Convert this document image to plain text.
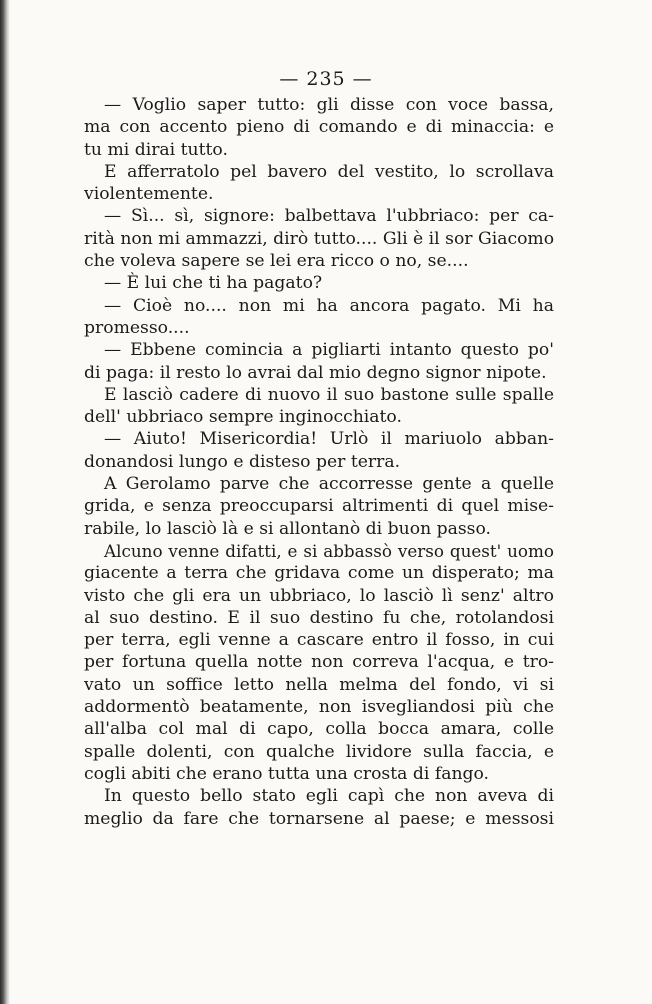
— 235 —
— Voglio saper tutto: gli disse con voce bassa,
ma con accento pieno di comando e di minaccia: e
tu mi dirai tutto.
E afferratolo pel bavero del vestito, lo scrollava
violentemente.
— Sì... sì, signore: balbettava l'ubbriaco: per ca-
rità non mi ammazzi, dirò tutto.... Gli è il sor Giacomo
che voleva sapere se lei era ricco o no, se....
— È lui che ti ha pagato?
— Cioè no.... non mi ha ancora pagato. Mi ha
promesso....
— Ebbene comincia a pigliarti intanto questo po'
di paga: il resto lo avrai dal mio degno signor nipote.
E lasciò cadere di nuovo il suo bastone sulle spalle
dell' ubbriaco sempre inginocchiato.
— Aiuto! Misericordia! Urlò il mariuolo abban-
donandosi lungo e disteso per terra.
A Gerolamo parve che accorresse gente a quelle
grida, e senza preoccuparsi altrimenti di quel mise-
rabile, lo lasciò là e si allontanò di buon passo.
Alcuno venne difatti, e si abbassò verso quest' uomo
giacente a terra che gridava come un disperato; ma
visto che gli era un ubbriaco, lo lasciò lì senz' altro
al suo destino. E il suo destino fu che, rotolandosi
per terra, egli venne a cascare entro il fosso, in cui
per fortuna quella notte non correva l'acqua, e tro-
vato un soffice letto nella melma del fondo, vi si
addormentò beatamente, non isvegliandosi più che
all'alba col mal di capo, colla bocca amara, colle
spalle dolenti, con qualche lividore sulla faccia, e
cogli abiti che erano tutta una crosta di fango.
In questo bello stato egli capì che non aveva di
meglio da fare che tornarsene al paese; e messosi
